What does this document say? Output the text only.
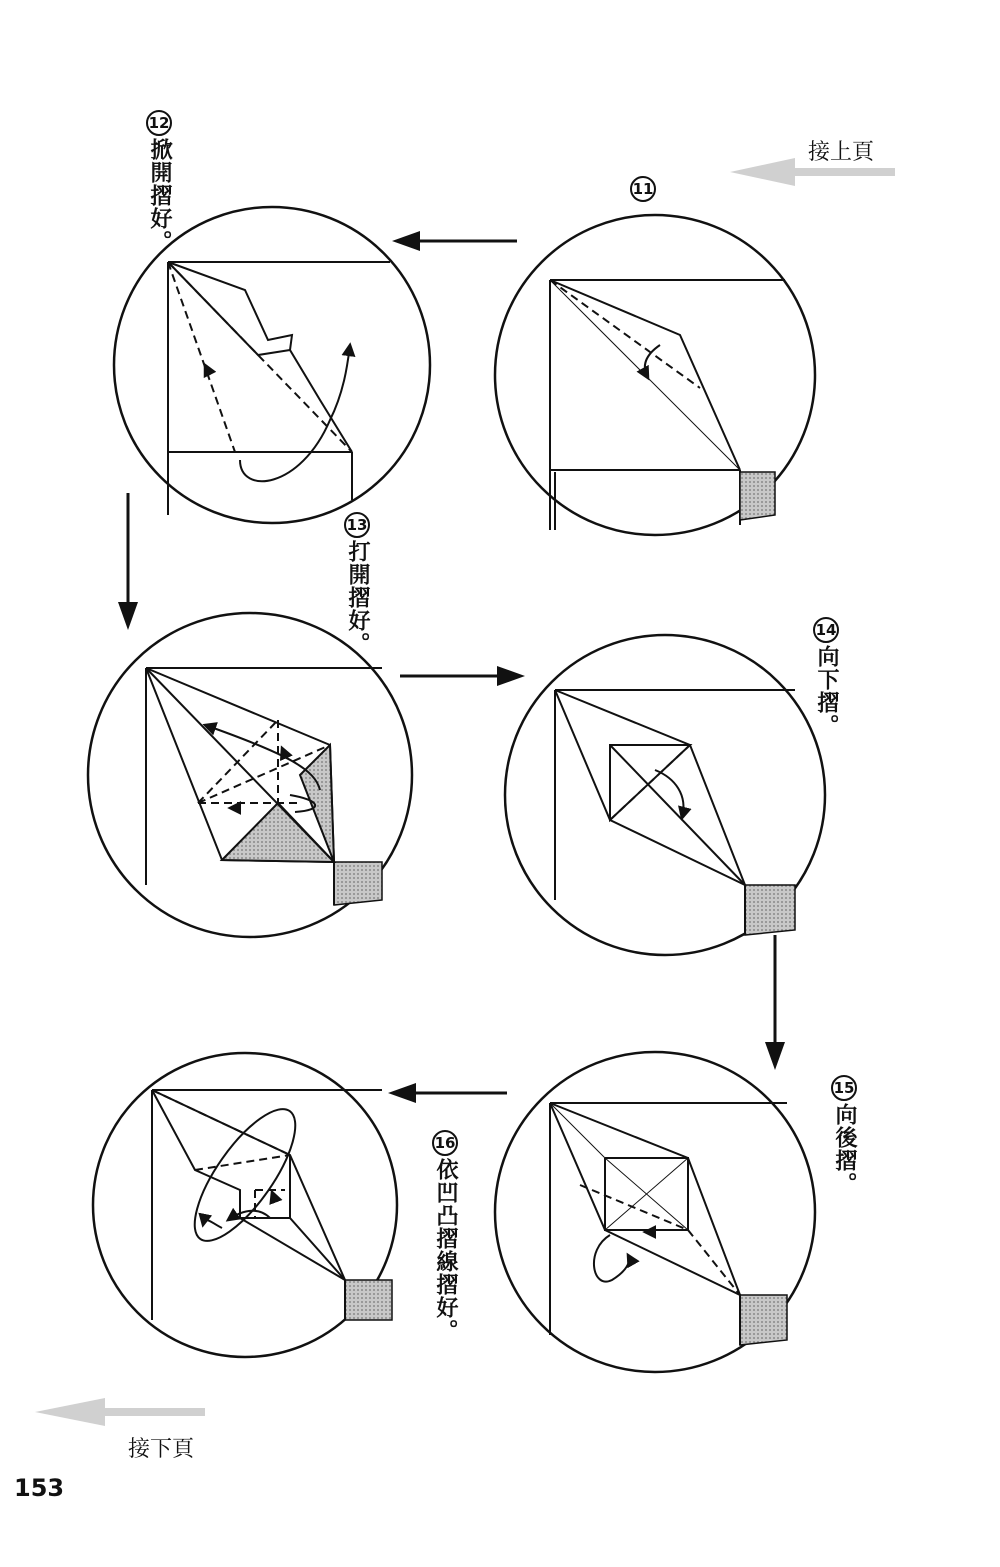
接上頁
接下頁
11
12
掀開摺好。
13
打開摺好。	14
向下摺。
15
向後摺。
16
依凹凸摺線摺好。
153
